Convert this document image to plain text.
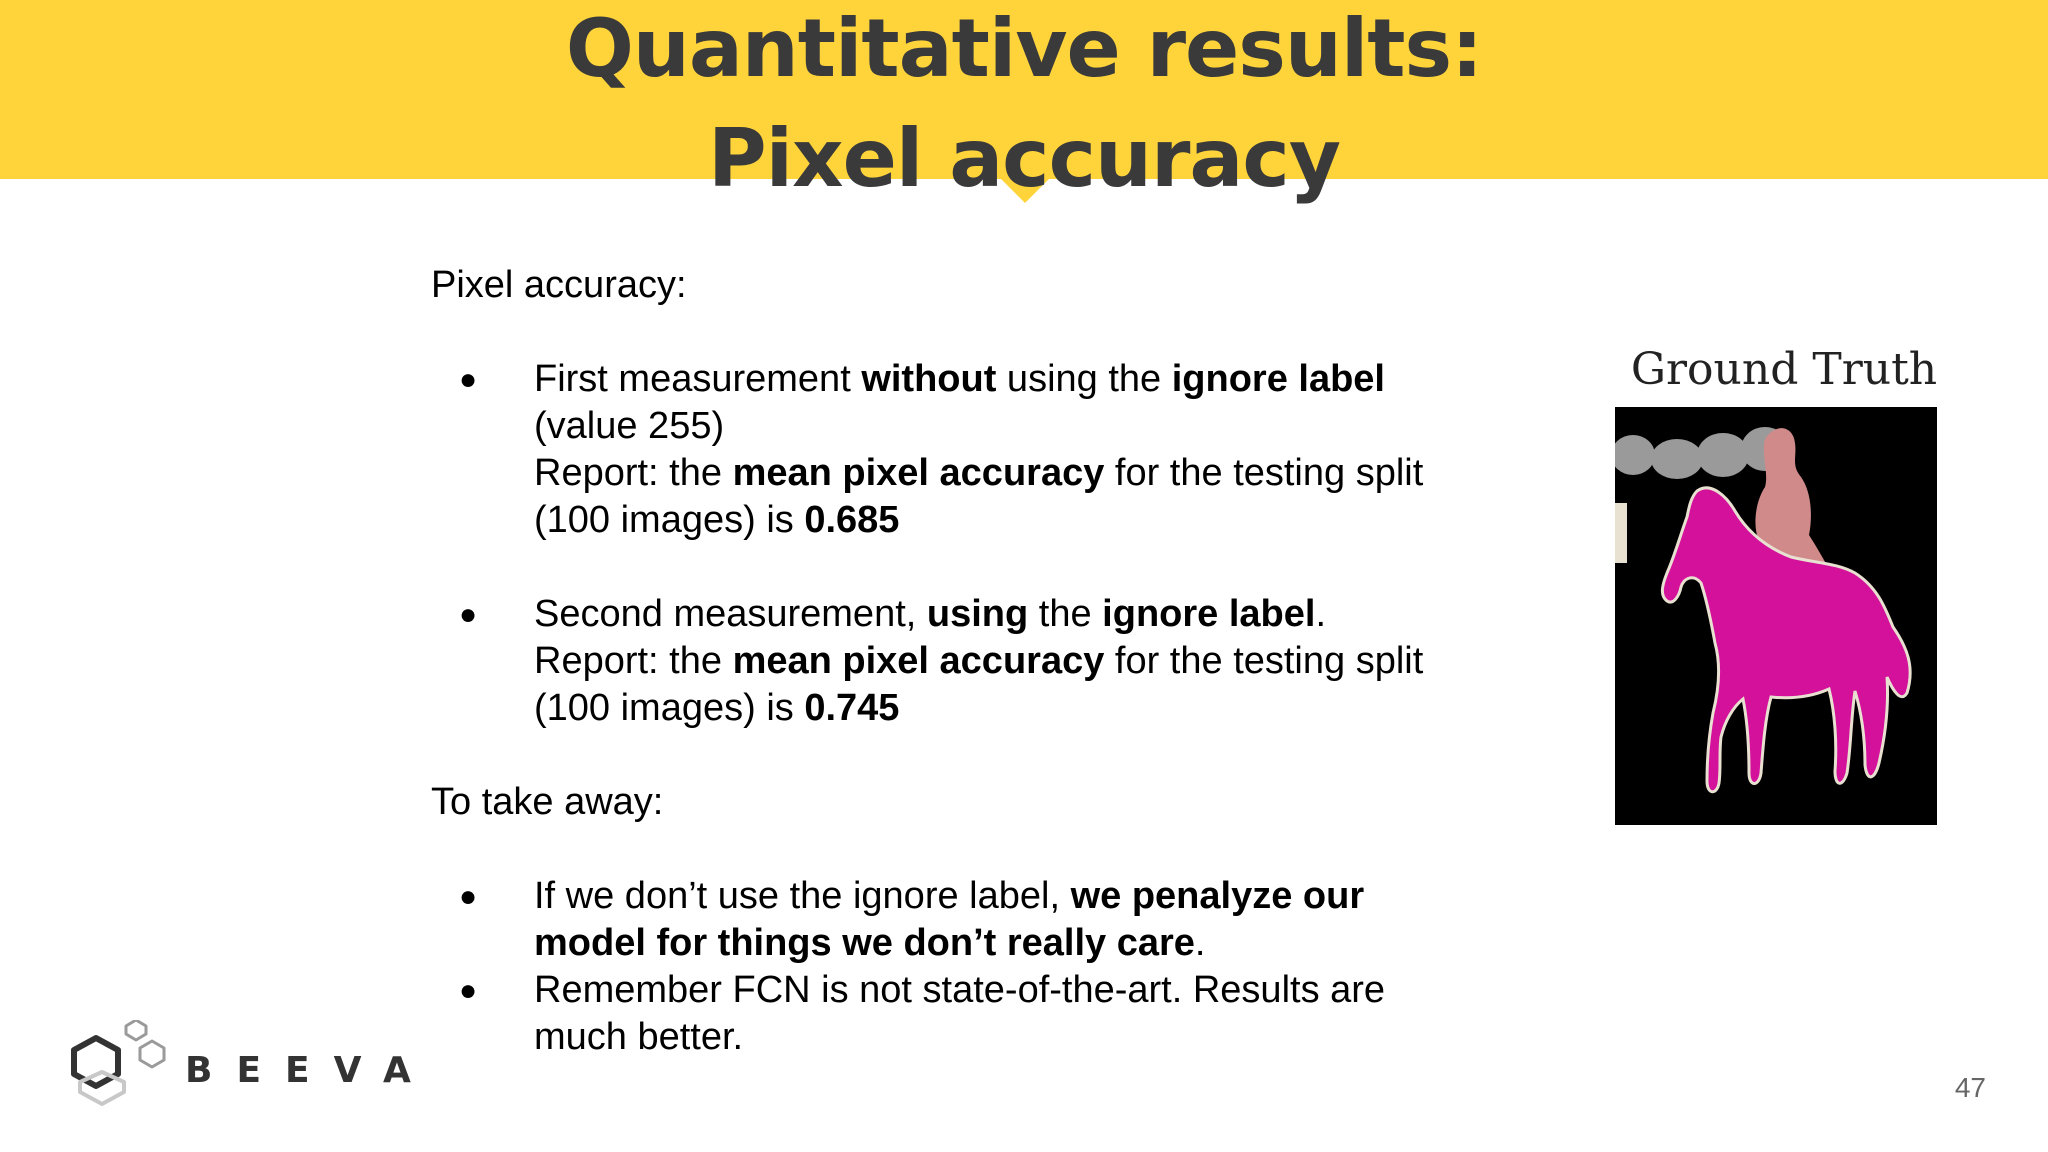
Quantitative results:
Pixel accuracy

Pixel accuracy:

● First measurement without using the ignore label (value 255)
Report: the mean pixel accuracy for the testing split (100 images) is 0.685
● Second measurement, using the ignore label.
Report: the mean pixel accuracy for the testing split (100 images) is 0.745

To take away:

● If we don’t use the ignore label, we penalyze our model for things we don’t really care.
● Remember FCN is not state-of-the-art. Results are much better.
Ground Truth
BEEVA	47
